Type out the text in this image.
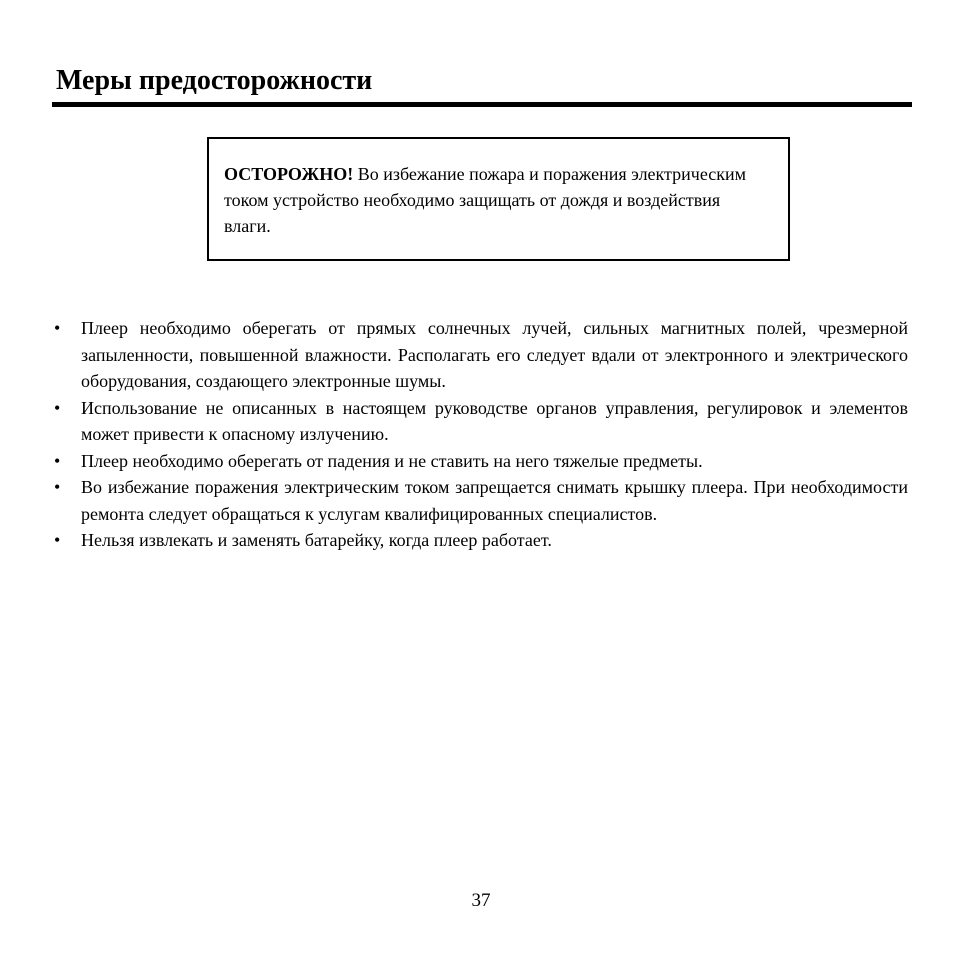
Меры предосторожности
ОСТОРОЖНО! Во избежание пожара и поражения электрическим током устройство необходимо защищать от дождя и воздействия влаги.
• Плеер необходимо оберегать от прямых солнечных лучей, сильных магнитных полей, чрезмерной запыленности, повышенной влажности. Располагать его следует вдали от электронного и электрического оборудования, создающего электронные шумы.
• Использование не описанных в настоящем руководстве органов управления, регулировок и элементов может привести к опасному излучению.
• Плеер необходимо оберегать от падения и не ставить на него тяжелые предметы.
• Во избежание поражения электрическим током запрещается снимать крышку плеера. При необходимости ремонта следует обращаться к услугам квалифицированных специалистов.
• Нельзя извлекать и заменять батарейку, когда плеер работает.
37
